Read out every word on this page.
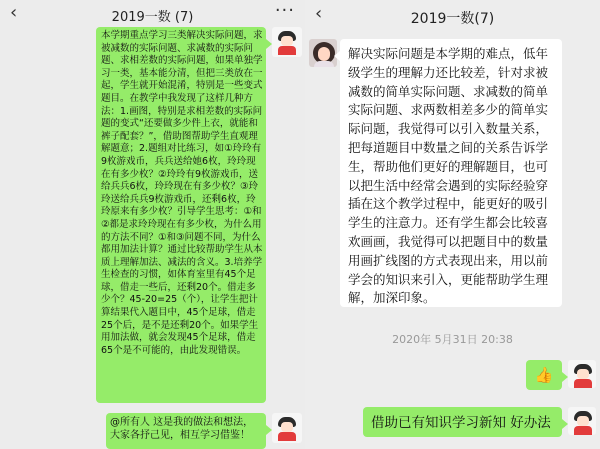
‹	2019一数 (7)	···
本学期重点学习三类解决实际问题，求被减数的实际问题、求减数的实际问题、求相差数的实际问题，如果单独学习一类，基本能分清，但把三类放在一起，学生就开始混淆，特别是一些变式题目。在教学中我发现了这样几种方法：1.画图，特别是求相差数的实际问题的变式“还要做多少件上衣，就能和裤子配套？”，借助图帮助学生直观理解题意；2.题组对比练习，如①玲玲有9枚游戏币，兵兵送给她6枚，玲玲现在有多少枚？②玲玲有9枚游戏币，送给兵兵6枚，玲玲现在有多少枚？③玲玲送给兵兵9枚游戏币，还剩6枚，玲玲原来有多少枚？引导学生思考：①和②都是求玲玲现在有多少枚，为什么用的方法不同？①和③问题不同，为什么都用加法计算？通过比较帮助学生从本质上理解加法、减法的含义。3.培养学生检查的习惯，如体育室里有45个足球，借走一些后，还剩20个。借走多少个？45-20=25（个），让学生把计算结果代入题目中，45个足球，借走25个后，是不是还剩20个。如果学生用加法做，就会发现45个足球，借走65个是不可能的，由此发现错误。
@所有人 这是我的做法和想法，大家各抒己见，相互学习借鉴！
‹	2019一数(7)
解决实际问题是本学期的难点，低年级学生的理解力还比较差，针对求被减数的简单实际问题、求减数的简单实际问题、求两数相差多少的简单实际问题，我觉得可以引入数量关系，把每道题目中数量之间的关系告诉学生，帮助他们更好的理解题目，也可以把生活中经常会遇到的实际经验穿插在这个教学过程中，能更好的吸引学生的注意力。还有学生都会比较喜欢画画，我觉得可以把题目中的数量用画扩线图的方式表现出来，用以前学会的知识来引入，更能帮助学生理解，加深印象。
2020年 5月31日 20:38
👍
借助已有知识学习新知 好办法
